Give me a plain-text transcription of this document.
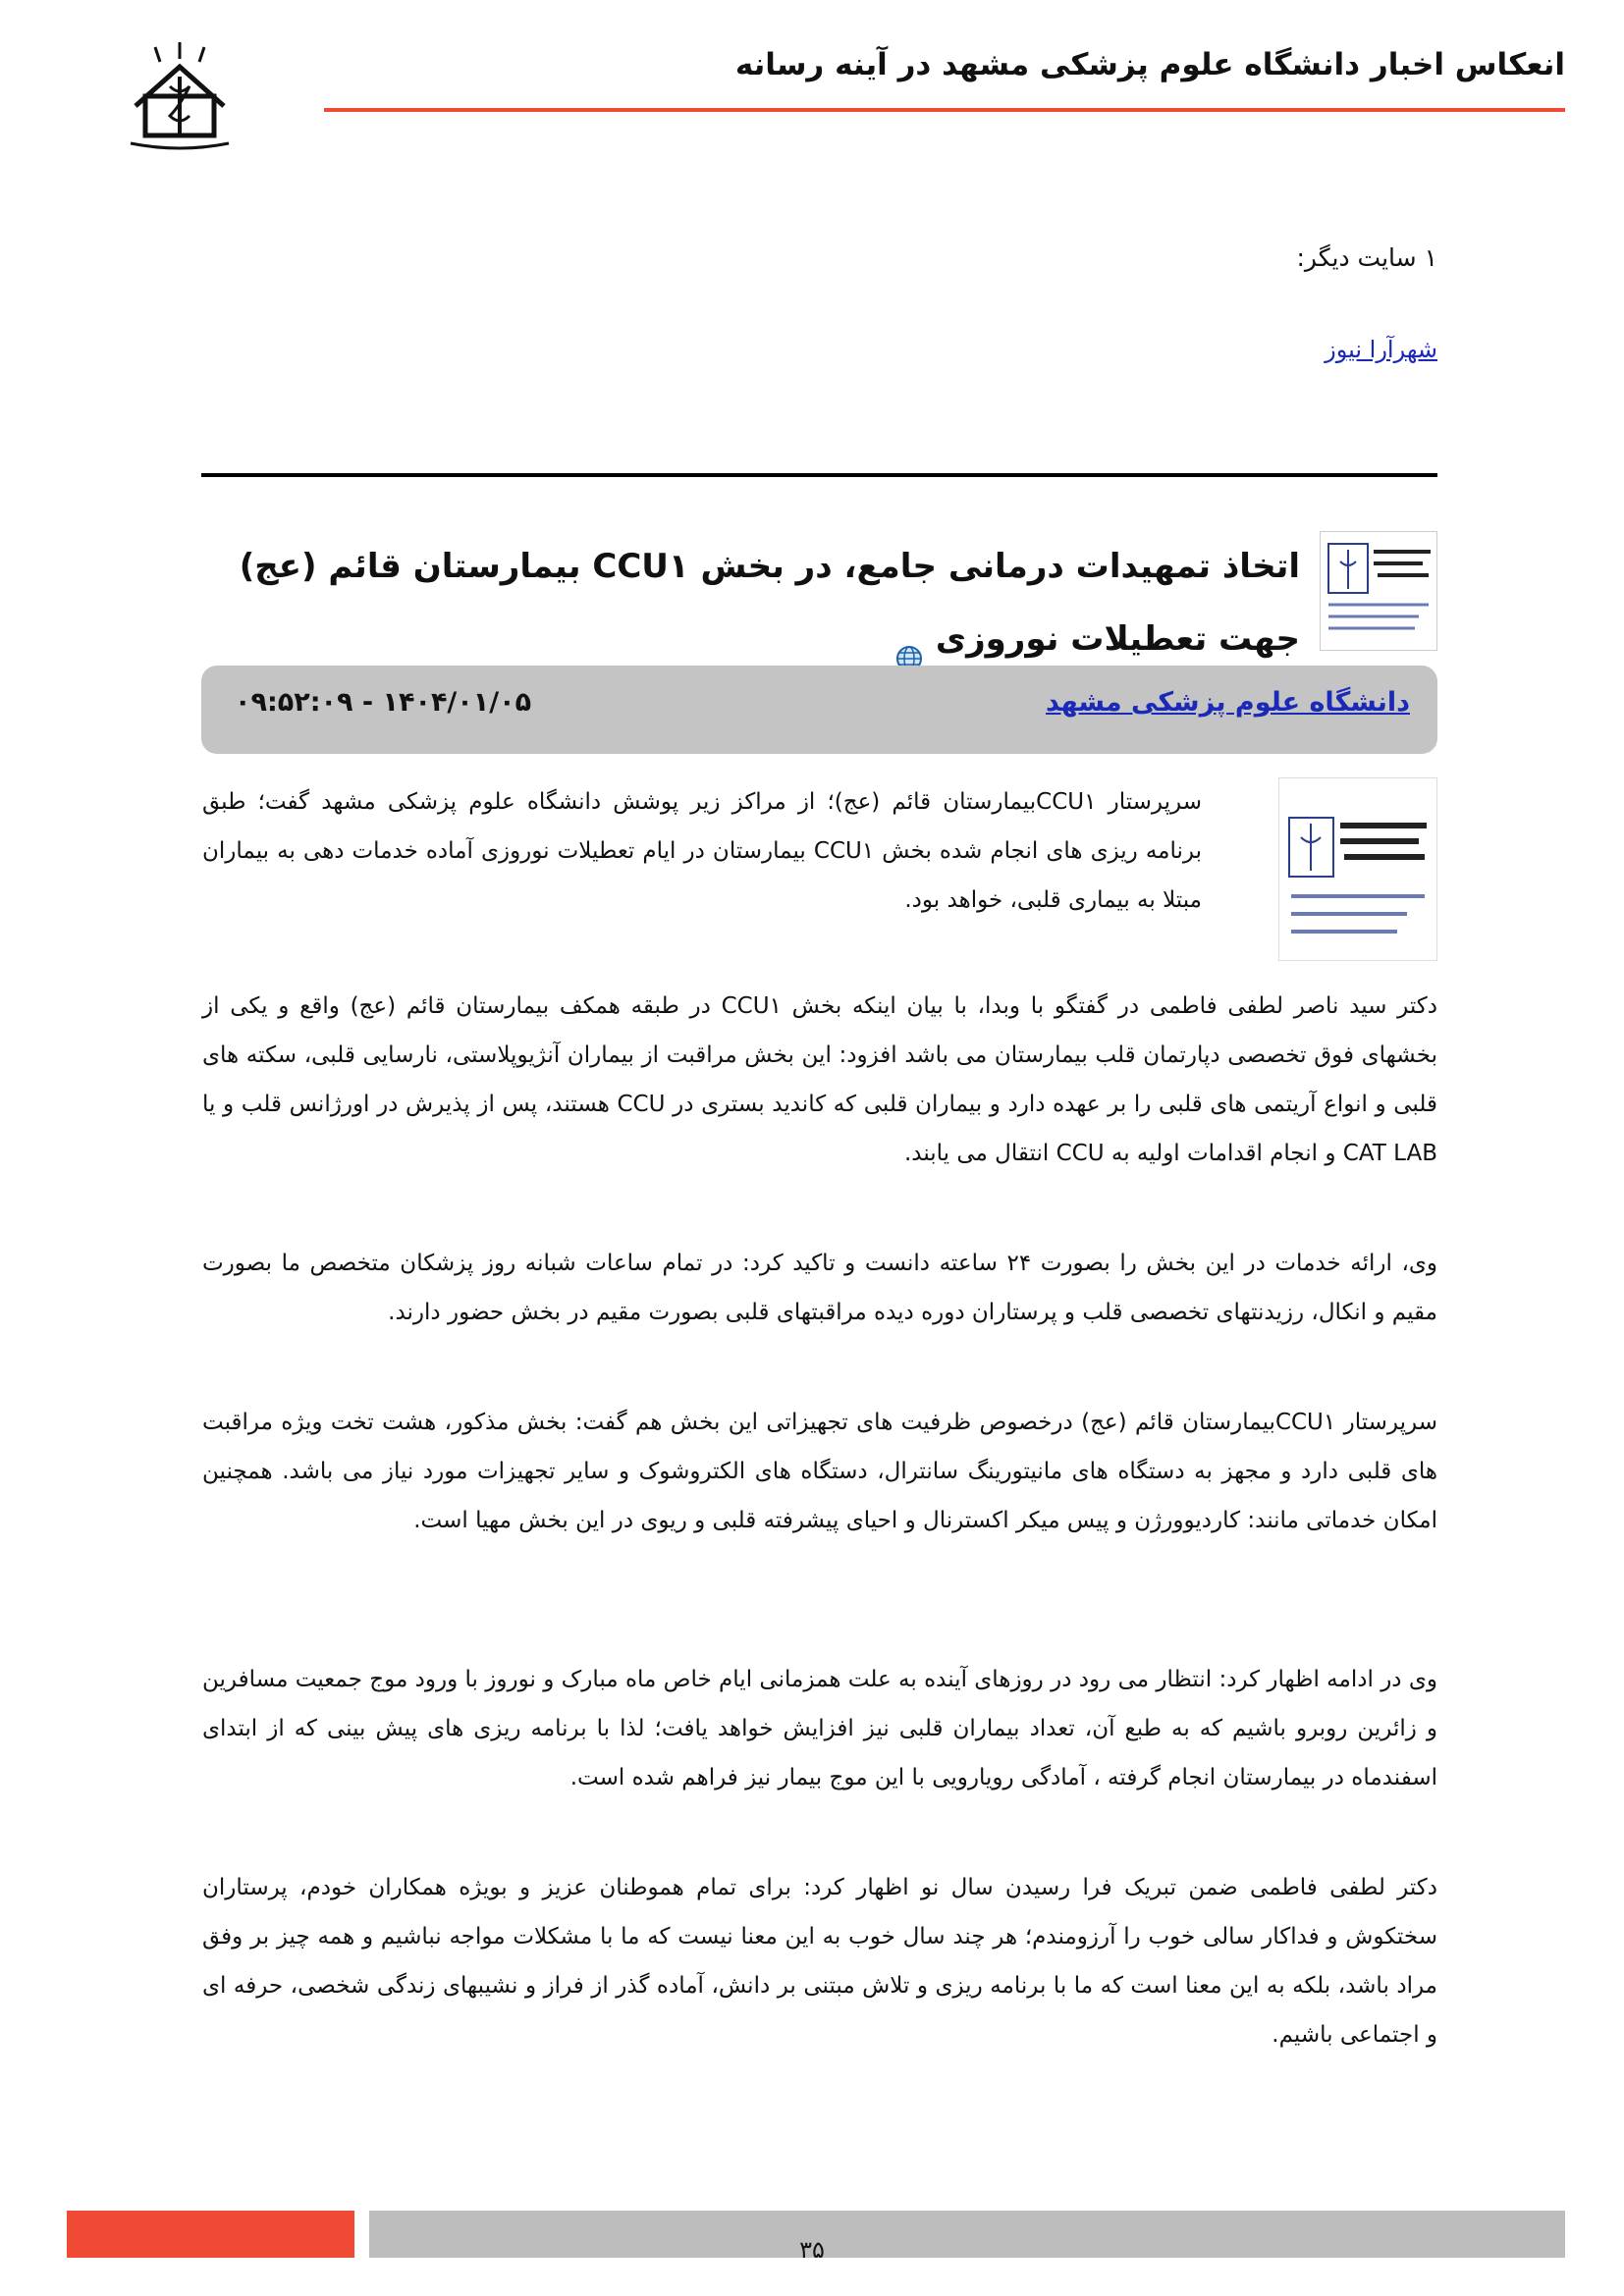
انعکاس اخبار دانشگاه علوم پزشکی مشهد در آینه رسانه
۱ سایت دیگر:
شهرآرا نیوز
اتخاذ تمهیدات درمانی جامع، در بخش CCU۱ بیمارستان قائم (عج) جهت تعطیلات نوروزی
دانشگاه علوم پزشکی مشهد
۱۴۰۴/۰۱/۰۵ - ۰۹:۵۲:۰۹
سرپرستار CCU۱بیمارستان قائم (عج)؛ از مراکز زیر پوشش دانشگاه علوم پزشکی مشهد گفت؛ طبق برنامه ریزی های انجام شده بخش CCU۱ بیمارستان در ایام تعطیلات نوروزی آماده خدمات دهی به بیماران مبتلا به بیماری قلبی، خواهد بود.
دکتر سید ناصر لطفی فاطمی در گفتگو با وبدا، با بیان اینکه بخش CCU۱ در طبقه همکف بیمارستان قائم (عج) واقع و یکی از بخشهای فوق تخصصی دپارتمان قلب بیمارستان می باشد افزود: این بخش مراقبت از بیماران آنژیوپلاستی، نارسایی قلبی، سکته های قلبی و انواع آریتمی های قلبی را بر عهده دارد و بیماران قلبی که کاندید بستری در CCU هستند، پس از پذیرش در اورژانس قلب و یا CAT LAB و انجام اقدامات اولیه به CCU انتقال می یابند.
وی، ارائه خدمات در این بخش را بصورت ۲۴ ساعته دانست و تاکید کرد: در تمام ساعات شبانه روز پزشکان متخصص ما بصورت مقیم و انکال، رزیدنتهای تخصصی قلب و پرستاران دوره دیده مراقبتهای قلبی بصورت مقیم در بخش حضور دارند.
سرپرستار CCU۱بیمارستان قائم (عج) درخصوص ظرفیت های تجهیزاتی این بخش هم گفت: بخش مذکور، هشت تخت ویژه مراقبت های قلبی دارد و مجهز به دستگاه های مانیتورینگ سانترال، دستگاه های الکتروشوک و سایر تجهیزات مورد نیاز می باشد. همچنین امکان خدماتی مانند: کاردیوورژن و پیس میکر اکسترنال و احیای پیشرفته قلبی و ریوی در این بخش مهیا است.
وی در ادامه اظهار کرد: انتظار می رود در روزهای آینده به علت همزمانی ایام خاص ماه مبارک و نوروز با ورود موج جمعیت مسافرین و زائرین روبرو باشیم که به طبع آن، تعداد بیماران قلبی نیز افزایش خواهد یافت؛ لذا با برنامه ریزی های پیش بینی که از ابتدای اسفندماه در بیمارستان انجام گرفته ، آمادگی رویارویی با این موج بیمار نیز فراهم شده است.
دکتر لطفی فاطمی ضمن تبریک فرا رسیدن سال نو اظهار کرد: برای تمام هموطنان عزیز و بویژه همکاران خودم، پرستاران سختکوش و فداکار سالی خوب را آرزومندم؛ هر چند سال خوب به این معنا نیست که ما با مشکلات مواجه نباشیم و همه چیز بر وفق مراد باشد، بلکه به این معنا است که ما با برنامه ریزی و تلاش مبتنی بر دانش، آماده گذر از فراز و نشیبهای زندگی شخصی، حرفه ای و اجتماعی باشیم.
۳۵
